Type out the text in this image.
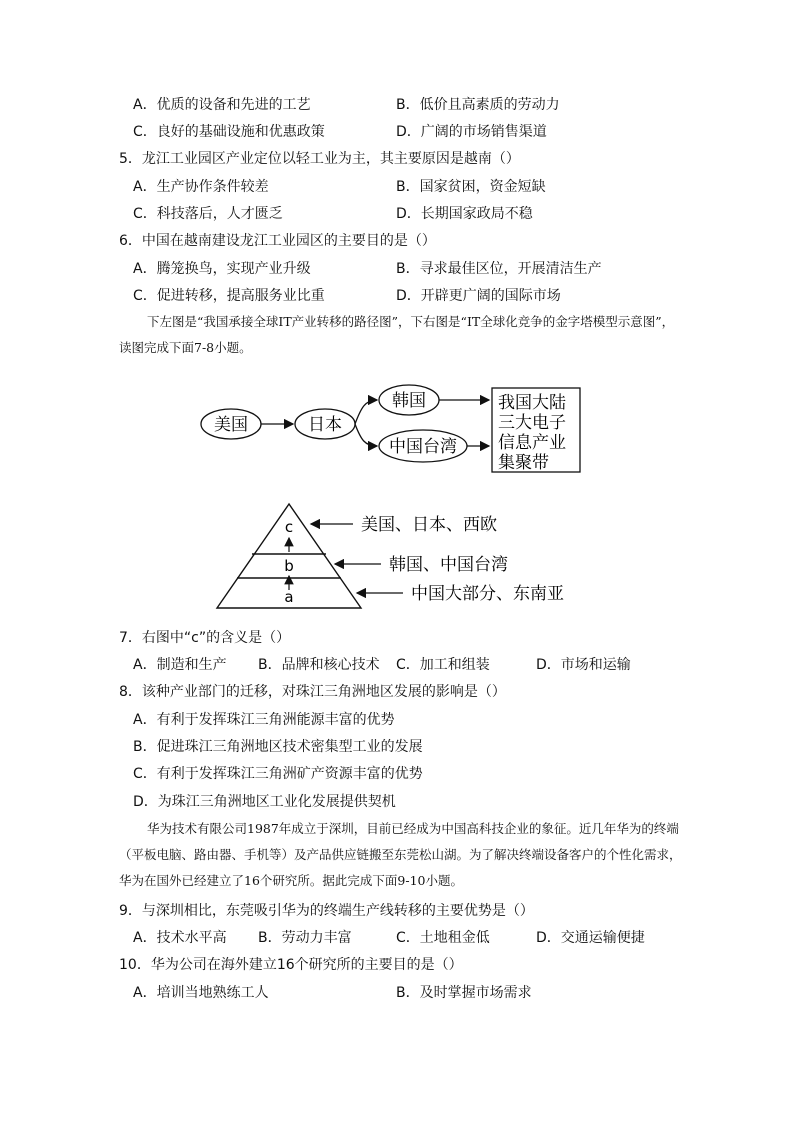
A．优质的设备和先进的工艺	B．低价且高素质的劳动力
C．良好的基础设施和优惠政策	D．广阔的市场销售渠道
5．龙江工业园区产业定位以轻工业为主，其主要原因是越南（）
A．生产协作条件较差	B．国家贫困，资金短缺
C．科技落后，人才匮乏	D．长期国家政局不稳
6．中国在越南建设龙江工业园区的主要目的是（）
A．腾笼换鸟，实现产业升级	B．寻求最佳区位，开展清洁生产
C．促进转移，提高服务业比重	D．开辟更广阔的国际市场
下左图是“我国承接全球IT产业转移的路径图”，下右图是“IT全球化竞争的金字塔模型示意图”，读图完成下面7-8小题。
美国	日本
韩国
中国台湾
我国大陆
三大电子
信息产业
集聚带
c
b
a
美国、日本、西欧
韩国、中国台湾
中国大部分、东南亚
7．右图中“c”的含义是（）
A．制造和生产 B．品牌和核心技术 C．加工和组装	D．市场和运输
8．该种产业部门的迁移，对珠江三角洲地区发展的影响是（）
A．有利于发挥珠江三角洲能源丰富的优势
B．促进珠江三角洲地区技术密集型工业的发展
C．有利于发挥珠江三角洲矿产资源丰富的优势
D．为珠江三角洲地区工业化发展提供契机
华为技术有限公司1987年成立于深圳，目前已经成为中国高科技企业的象征。近几年华为的终端（平板电脑、路由器、手机等）及产品供应链搬至东莞松山湖。为了解决终端设备客户的个性化需求，华为在国外已经建立了16个研究所。据此完成下面9-10小题。
9．与深圳相比，东莞吸引华为的终端生产线转移的主要优势是（）
A．技术水平高 B．劳动力丰富	C．土地租金低	D．交通运输便捷
10．华为公司在海外建立16个研究所的主要目的是（）
A．培训当地熟练工人	B．及时掌握市场需求
